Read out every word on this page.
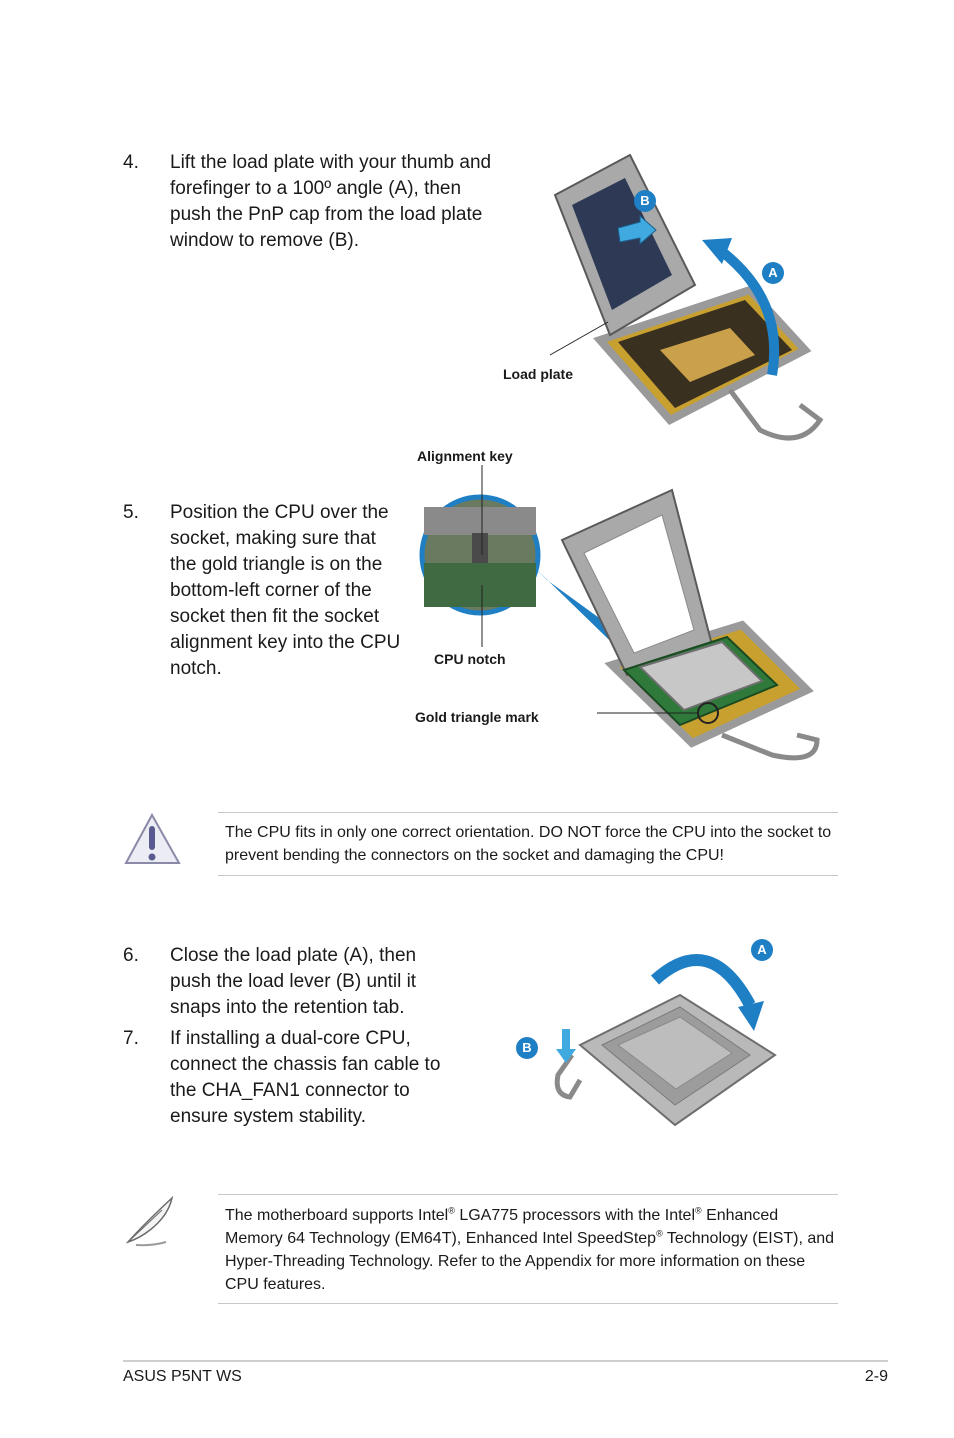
4. Lift the load plate with your thumb and forefinger to a 100º angle (A), then push the PnP cap from the load plate window to remove (B).
B
A
Load plate
5. Position the CPU over the socket, making sure that the gold triangle is on the bottom-left corner of the socket then fit the socket alignment key into the CPU notch.
Alignment key
CPU notch
Gold triangle mark
The CPU fits in only one correct orientation. DO NOT force the CPU into the socket to prevent bending the connectors on the socket and damaging the CPU!
6. Close the load plate (A), then push the load lever (B) until it snaps into the retention tab.
7. If installing a dual-core CPU, connect the chassis fan cable to the CHA_FAN1 connector to ensure system stability.
A
B
The motherboard supports Intel® LGA775 processors with the Intel® Enhanced Memory 64 Technology (EM64T), Enhanced Intel SpeedStep® Technology (EIST), and Hyper-Threading Technology. Refer to the Appendix for more information on these CPU features.
ASUS P5NT WS	2-9
